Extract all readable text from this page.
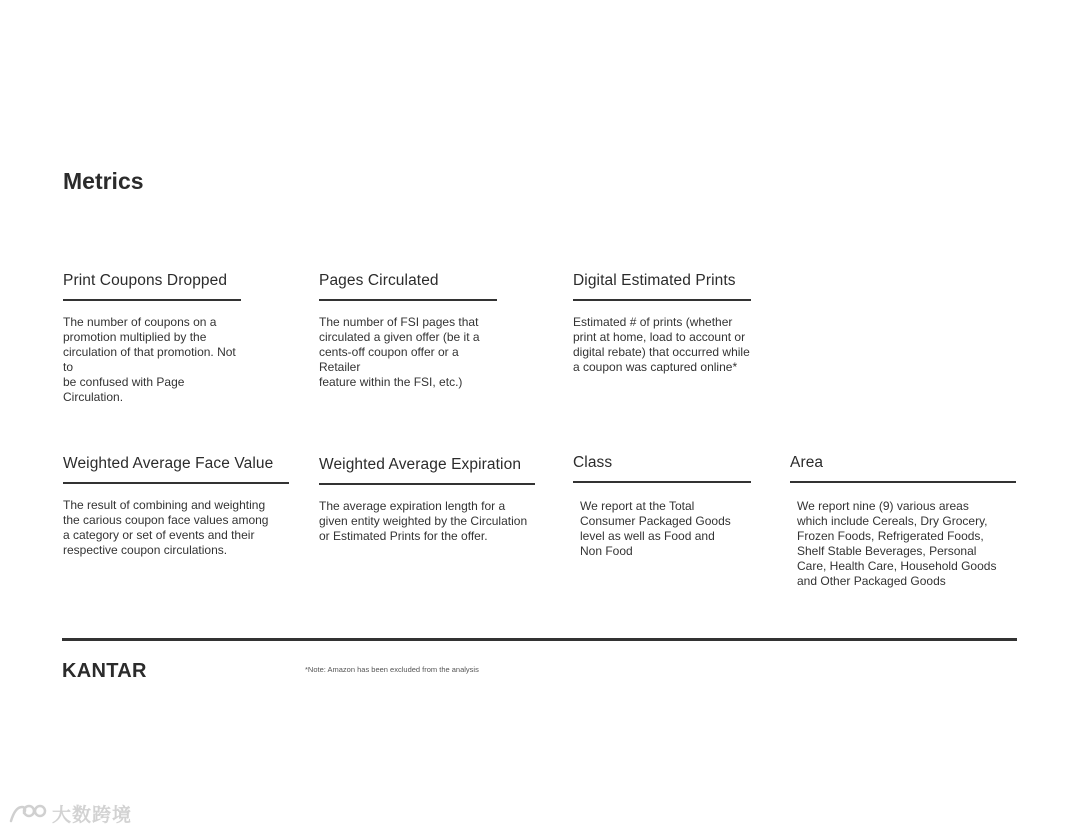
Metrics
Print Coupons Dropped
The number of coupons on a
promotion multiplied by the
circulation of that promotion. Not to
be confused with Page Circulation.
Pages Circulated
The number of FSI pages that
circulated a given offer (be it a
cents-off coupon offer or a Retailer
feature within the FSI, etc.)
Digital Estimated Prints
Estimated # of prints (whether
print at home, load to account or
digital rebate) that occurred while
a coupon was captured online*
Weighted Average Face Value
The result of combining and weighting
the carious coupon face values among
a category or set of events and their
respective coupon circulations.
Weighted Average Expiration
The average expiration length for a
given entity weighted by the Circulation
or Estimated Prints for the offer.
Class
We report at the Total
Consumer Packaged Goods
level as well as Food and
Non Food
Area
We report nine (9) various areas
which include Cereals, Dry Grocery,
Frozen Foods, Refrigerated Foods,
Shelf Stable Beverages, Personal
Care, Health Care, Household Goods
and Other Packaged Goods
KANTAR	*Note: Amazon has been excluded from the analysis
大数跨境
